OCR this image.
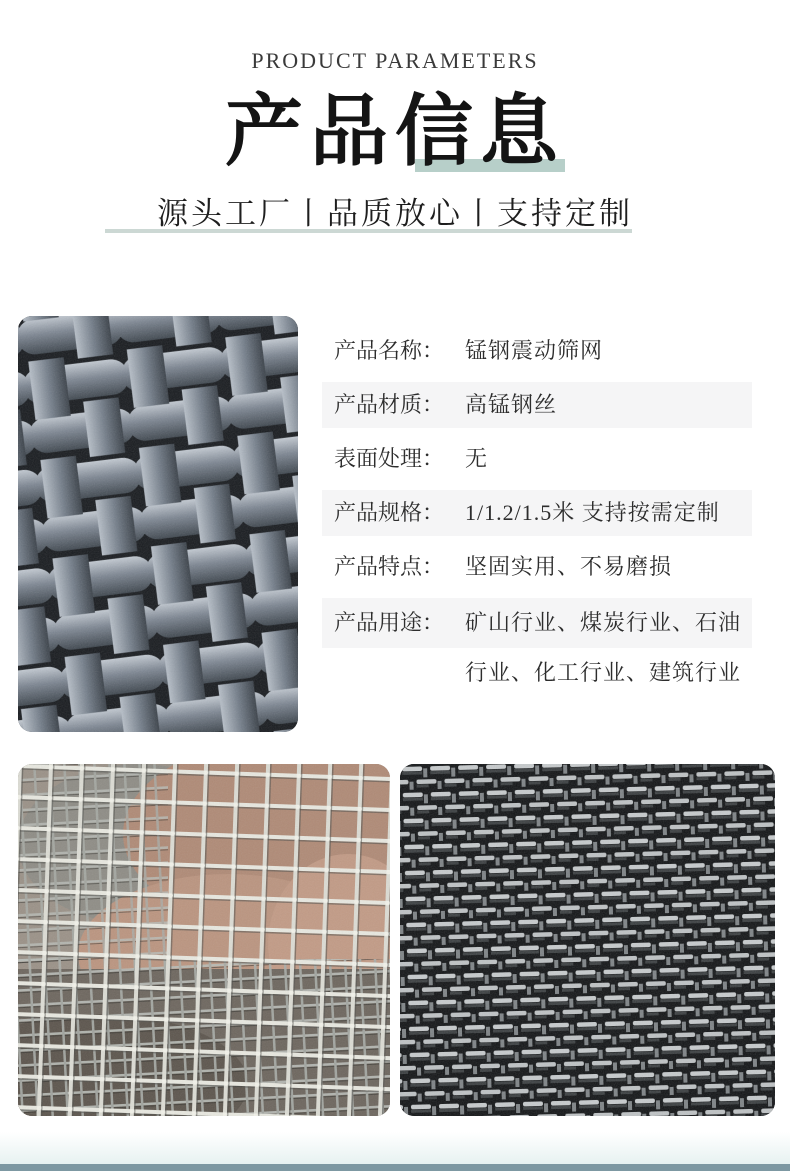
PRODUCT PARAMETERS
产品信息
源头工厂丨品质放心丨支持定制
产品名称： 锰钢震动筛网
产品材质： 高锰钢丝
表面处理： 无
产品规格： 1/1.2/1.5米 支持按需定制
产品特点： 坚固实用、不易磨损
产品用途： 矿山行业、煤炭行业、石油行业、化工行业、建筑行业
